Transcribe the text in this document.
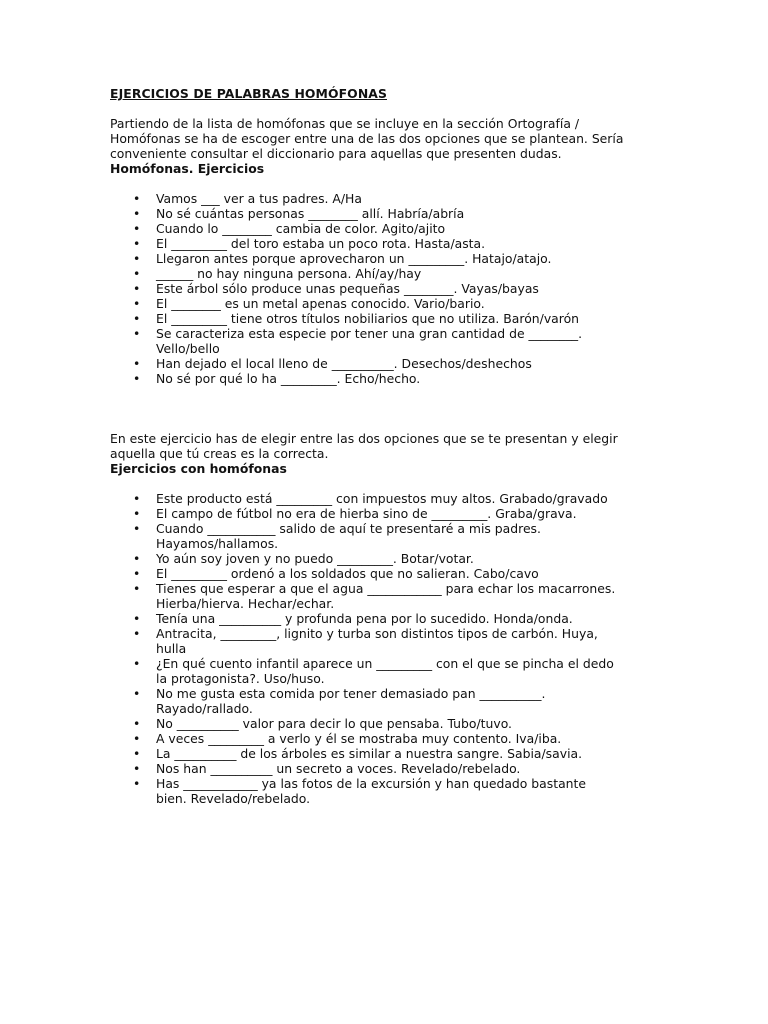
EJERCICIOS DE PALABRAS HOMÓFONAS

Partiendo de la lista de homófonas que se incluye en la sección Ortografía /
Homófonas se ha de escoger entre una de las dos opciones que se plantean. Sería
conveniente consultar el diccionario para aquellas que presenten dudas.

Homófonas. Ejercicios

• Vamos ___ ver a tus padres. A/Ha
• No sé cuántas personas ________ allí. Habría/abría
• Cuando lo ________ cambia de color. Agito/ajito
• El _________ del toro estaba un poco rota. Hasta/asta.
• Llegaron antes porque aprovecharon un _________. Hatajo/atajo.
• ______ no hay ninguna persona. Ahí/ay/hay
• Este árbol sólo produce unas pequeñas ________. Vayas/bayas
• El ________ es un metal apenas conocido. Vario/bario.
• El _________ tiene otros títulos nobiliarios que no utiliza. Barón/varón
• Se caracteriza esta especie por tener una gran cantidad de ________.
Vello/bello
• Han dejado el local lleno de __________. Desechos/deshechos
• No sé por qué lo ha _________. Echo/hecho.
En este ejercicio has de elegir entre las dos opciones que se te presentan y elegir
aquella que tú creas es la correcta.

Ejercicios con homófonas

• Este producto está _________ con impuestos muy altos. Grabado/gravado
• El campo de fútbol no era de hierba sino de _________. Graba/grava.
• Cuando ___________ salido de aquí te presentaré a mis padres.
Hayamos/hallamos.
• Yo aún soy joven y no puedo _________. Botar/votar.
• El _________ ordenó a los soldados que no salieran. Cabo/cavo
• Tienes que esperar a que el agua ____________ para echar los macarrones.
Hierba/hierva. Hechar/echar.
• Tenía una __________ y profunda pena por lo sucedido. Honda/onda.
• Antracita, _________, lignito y turba son distintos tipos de carbón. Huya,
hulla
• ¿En qué cuento infantil aparece un _________ con el que se pincha el dedo
la protagonista?. Uso/huso.
• No me gusta esta comida por tener demasiado pan __________.
Rayado/rallado.
• No __________ valor para decir lo que pensaba. Tubo/tuvo.
• A veces _________ a verlo y él se mostraba muy contento. Iva/iba.
• La __________ de los árboles es similar a nuestra sangre. Sabia/savia.
• Nos han __________ un secreto a voces. Revelado/rebelado.
• Has ____________ ya las fotos de la excursión y han quedado bastante
bien. Revelado/rebelado.
